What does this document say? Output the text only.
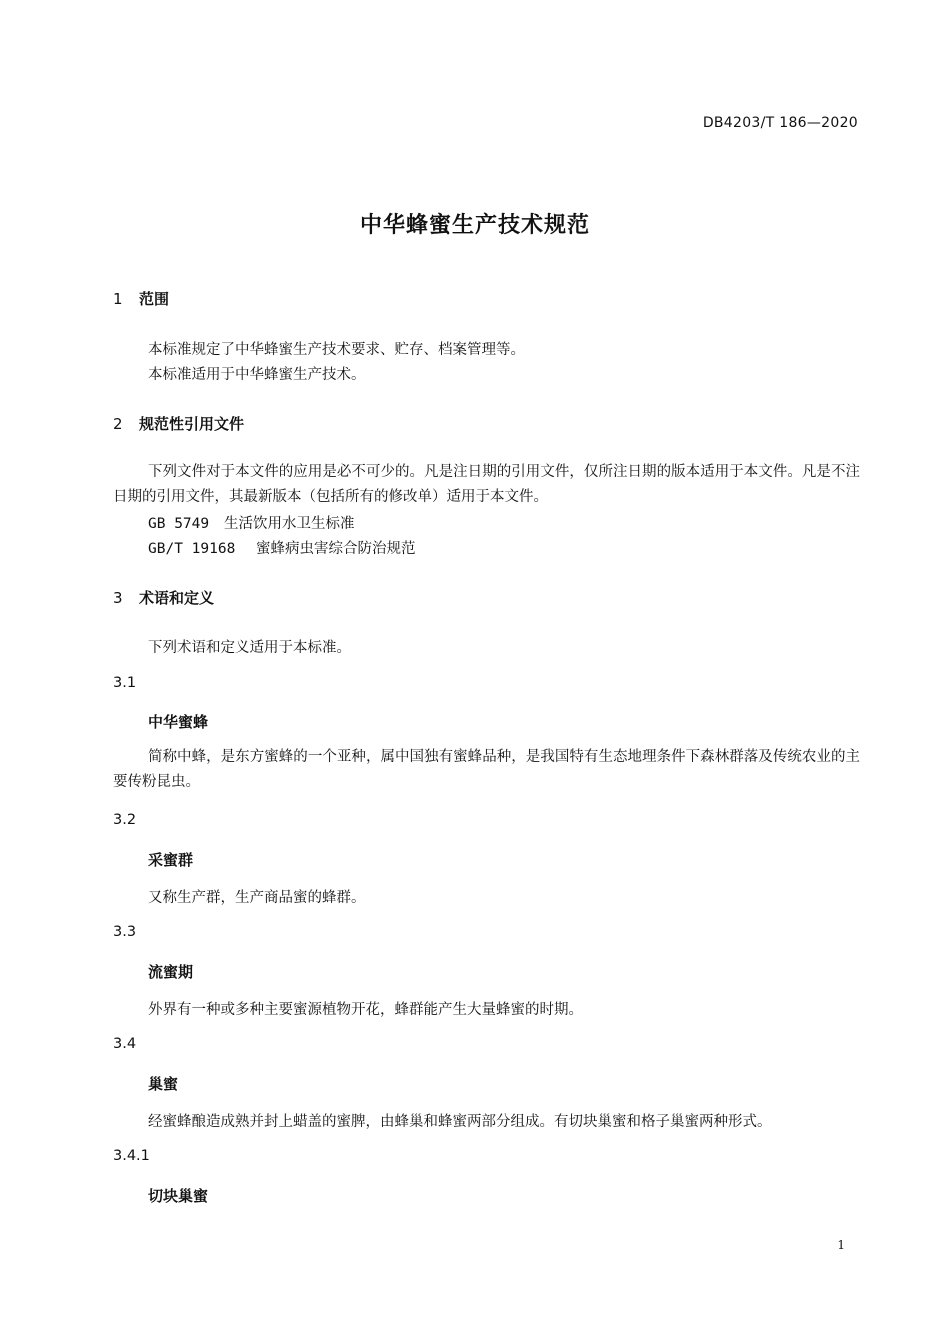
DB4203/T 186—2020
中华蜂蜜生产技术规范
1 范围
本标准规定了中华蜂蜜生产技术要求、贮存、档案管理等。
本标准适用于中华蜂蜜生产技术。
2 规范性引用文件
下列文件对于本文件的应用是必不可少的。凡是注日期的引用文件，仅所注日期的版本适用于本文件。凡是不注日期的引用文件，其最新版本（包括所有的修改单）适用于本文件。
GB 5749 生活饮用水卫生标准
GB/T 19168 蜜蜂病虫害综合防治规范
3 术语和定义
下列术语和定义适用于本标准。
3.1
中华蜜蜂
简称中蜂，是东方蜜蜂的一个亚种，属中国独有蜜蜂品种，是我国特有生态地理条件下森林群落及传统农业的主要传粉昆虫。
3.2
采蜜群
又称生产群，生产商品蜜的蜂群。
3.3
流蜜期
外界有一种或多种主要蜜源植物开花，蜂群能产生大量蜂蜜的时期。
3.4
巢蜜
经蜜蜂酿造成熟并封上蜡盖的蜜脾，由蜂巢和蜂蜜两部分组成。有切块巢蜜和格子巢蜜两种形式。
3.4.1
切块巢蜜
1
